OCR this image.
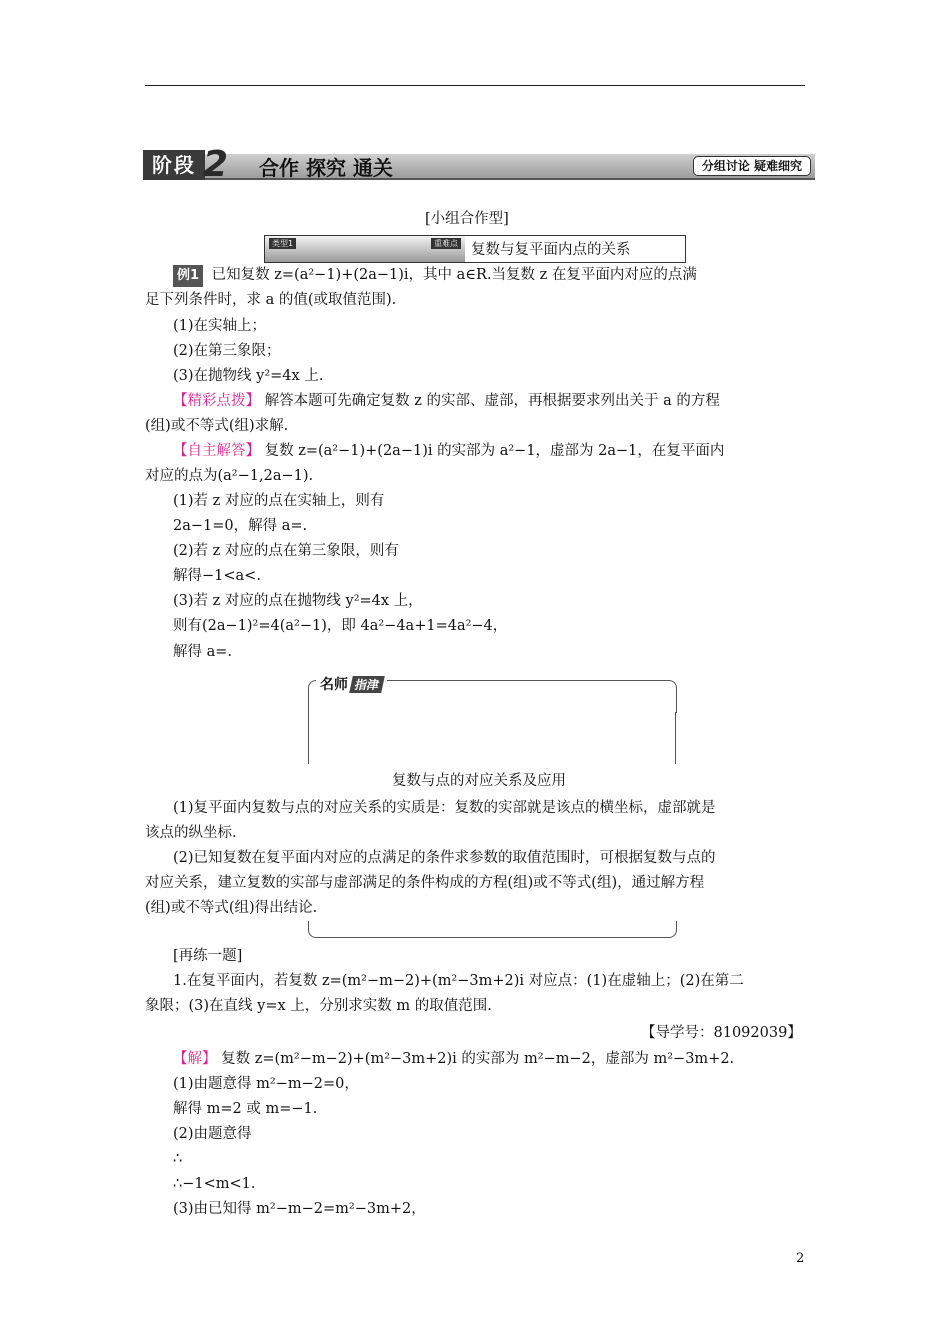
阶段 2 合作 探究 通关	分组讨论 疑难细究
[小组合作型]
类型1	重难点 复数与复平面内点的关系
例1 已知复数 z=(a²−1)+(2a−1)i，其中 a∈R.当复数 z 在复平面内对应的点满
足下列条件时，求 a 的值(或取值范围).
(1)在实轴上；
(2)在第三象限；
(3)在抛物线 y²=4x 上.
【精彩点拨】 解答本题可先确定复数 z 的实部、虚部，再根据要求列出关于 a 的方程
(组)或不等式(组)求解.
【自主解答】 复数 z=(a²−1)+(2a−1)i 的实部为 a²−1，虚部为 2a−1，在复平面内
对应的点为(a²−1,2a−1).
(1)若 z 对应的点在实轴上，则有
2a−1=0，解得 a=.
(2)若 z 对应的点在第三象限，则有
解得−1<a<.
(3)若 z 对应的点在抛物线 y²=4x 上，
则有(2a−1)²=4(a²−1)，即 4a²−4a+1=4a²−4，
解得 a=.
名师 指津
复数与点的对应关系及应用
(1)复平面内复数与点的对应关系的实质是：复数的实部就是该点的横坐标，虚部就是
该点的纵坐标.
(2)已知复数在复平面内对应的点满足的条件求参数的取值范围时，可根据复数与点的
对应关系，建立复数的实部与虚部满足的条件构成的方程(组)或不等式(组)，通过解方程
(组)或不等式(组)得出结论.
[再练一题]
1.在复平面内，若复数 z=(m²−m−2)+(m²−3m+2)i 对应点：(1)在虚轴上；(2)在第二
象限；(3)在直线 y=x 上，分别求实数 m 的取值范围.
【导学号：81092039】
【解】 复数 z=(m²−m−2)+(m²−3m+2)i 的实部为 m²−m−2，虚部为 m²−3m+2.
(1)由题意得 m²−m−2=0，
解得 m=2 或 m=−1.
(2)由题意得
∴
∴−1<m<1.
(3)由已知得 m²−m−2=m²−3m+2，
2
